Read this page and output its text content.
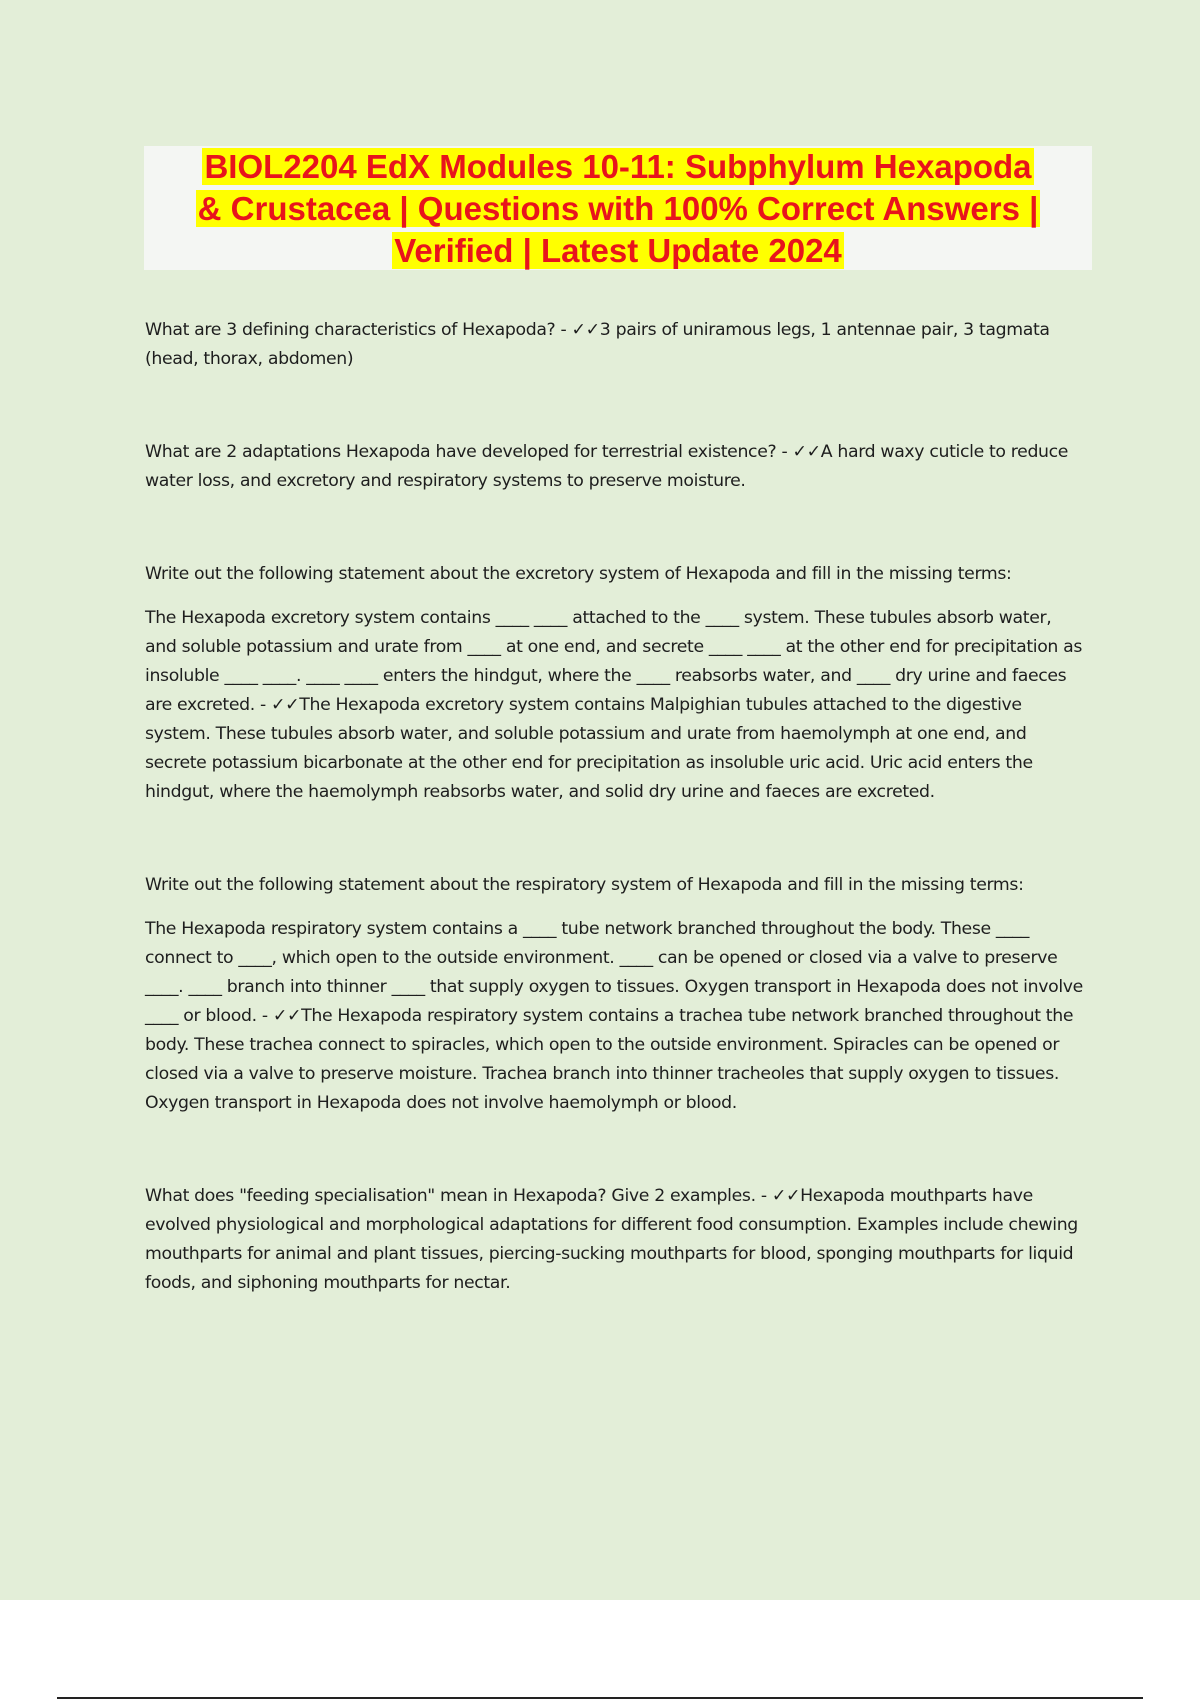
BIOL2204 EdX Modules 10-11: Subphylum Hexapoda
& Crustacea | Questions with 100% Correct Answers |
Verified | Latest Update 2024

What are 3 defining characteristics of Hexapoda? - ✓✓3 pairs of uniramous legs, 1 antennae pair, 3 tagmata (head, thorax, abdomen)

What are 2 adaptations Hexapoda have developed for terrestrial existence? - ✓✓A hard waxy cuticle to reduce water loss, and excretory and respiratory systems to preserve moisture.

Write out the following statement about the excretory system of Hexapoda and fill in the missing terms:

The Hexapoda excretory system contains ____ ____ attached to the ____ system. These tubules absorb water, and soluble potassium and urate from ____ at one end, and secrete ____ ____ at the other end for precipitation as insoluble ____ ____. ____ ____ enters the hindgut, where the ____ reabsorbs water, and ____ dry urine and faeces are excreted. - ✓✓The Hexapoda excretory system contains Malpighian tubules attached to the digestive system. These tubules absorb water, and soluble potassium and urate from haemolymph at one end, and secrete potassium bicarbonate at the other end for precipitation as insoluble uric acid. Uric acid enters the hindgut, where the haemolymph reabsorbs water, and solid dry urine and faeces are excreted.

Write out the following statement about the respiratory system of Hexapoda and fill in the missing terms:

The Hexapoda respiratory system contains a ____ tube network branched throughout the body. These ____ connect to ____, which open to the outside environment. ____ can be opened or closed via a valve to preserve ____. ____ branch into thinner ____ that supply oxygen to tissues. Oxygen transport in Hexapoda does not involve ____ or blood. - ✓✓The Hexapoda respiratory system contains a trachea tube network branched throughout the body. These trachea connect to spiracles, which open to the outside environment. Spiracles can be opened or closed via a valve to preserve moisture. Trachea branch into thinner tracheoles that supply oxygen to tissues. Oxygen transport in Hexapoda does not involve haemolymph or blood.

What does "feeding specialisation" mean in Hexapoda? Give 2 examples. - ✓✓Hexapoda mouthparts have evolved physiological and morphological adaptations for different food consumption. Examples include chewing mouthparts for animal and plant tissues, piercing-sucking mouthparts for blood, sponging mouthparts for liquid foods, and siphoning mouthparts for nectar.
